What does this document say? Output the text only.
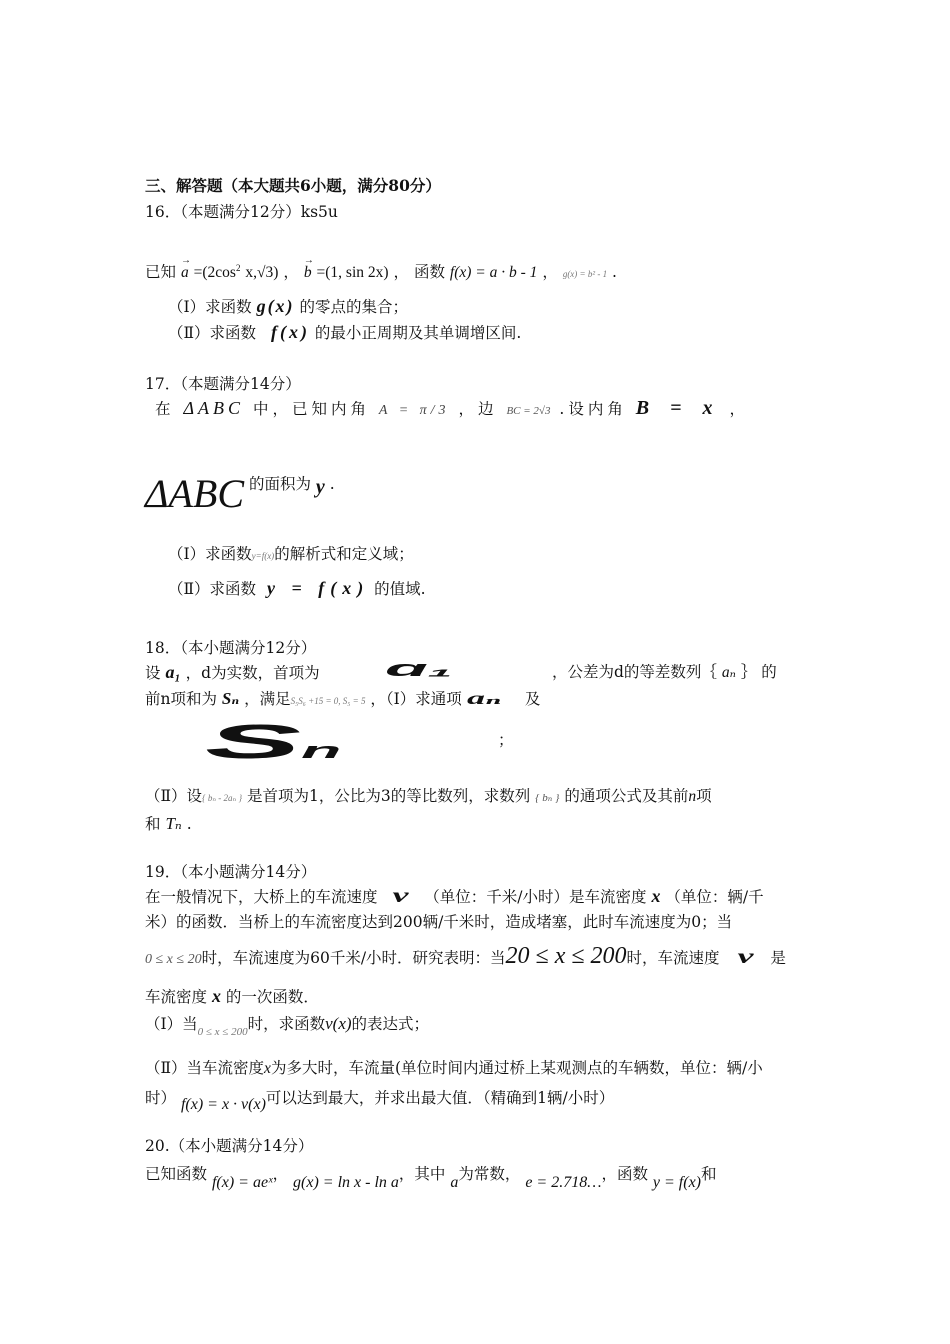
三、解答题（本大题共6小题，满分80分）
16．（本题满分12分）ks5u
已知 → $a =(2\cos^2$ x,√3) ， → b =(1, sin 2x) ， 函数 f(x) = a · b - 1 ， g(x) = b² - 1 .
（Ⅰ）求函数 g(x) 的零点的集合；
（Ⅱ）求函数 f(x) 的最小正周期及其单调增区间.
17．（本题满分14分）
在 ΔABC 中，已知内角 A = π/3 ，边 BC = 2√3 .设内角 B = x ，
ΔABC 的面积为 y .
（Ⅰ）求函数y=f(x)的解析式和定义域；
（Ⅱ）求函数 y = f(x) 的值域.
18．（本小题满分12分）
设 a₁ ，d为实数，首项为	ɑ₁	，公差为d的等差数列｛ aₙ ｝ 的
前n项和为 Sₙ ，满足S₅S₆ +15 = 0, S₅ = 5 ，（Ⅰ）求通项 aₙ 及
Sn	；
（Ⅱ）设{ bₙ - 2aₙ } 是首项为1，公比为3的等比数列，求数列 { bₙ } 的通项公式及其前n项
和 Tₙ .
19．（本小题满分14分）
在一般情况下，大桥上的车流速度 v （单位：千米/小时）是车流密度 x （单位：辆/千
米）的函数．当桥上的车流密度达到200辆/千米时，造成堵塞，此时车流速度为0；当
0 ≤ x ≤ 20时，车流速度为60千米/小时．研究表明：当20 ≤ x ≤ 200时，车流速度 v 是
车流密度 x 的一次函数．
（Ⅰ）当$_{0 \le x \le 200}$时，求函数v(x)的表达式；
（Ⅱ）当车流密度x为多大时，车流量(单位时间内通过桥上某观测点的车辆数，单位：辆/小
时） f(x) = x · v(x)可以达到最大，并求出最大值．（精确到1辆/小时）
20.（本小题满分14分）
已知函数 f(x) = aeˣ， g(x) = ln x - ln a，其中 a为常数， e = 2.718…，函数 y = f(x)和
